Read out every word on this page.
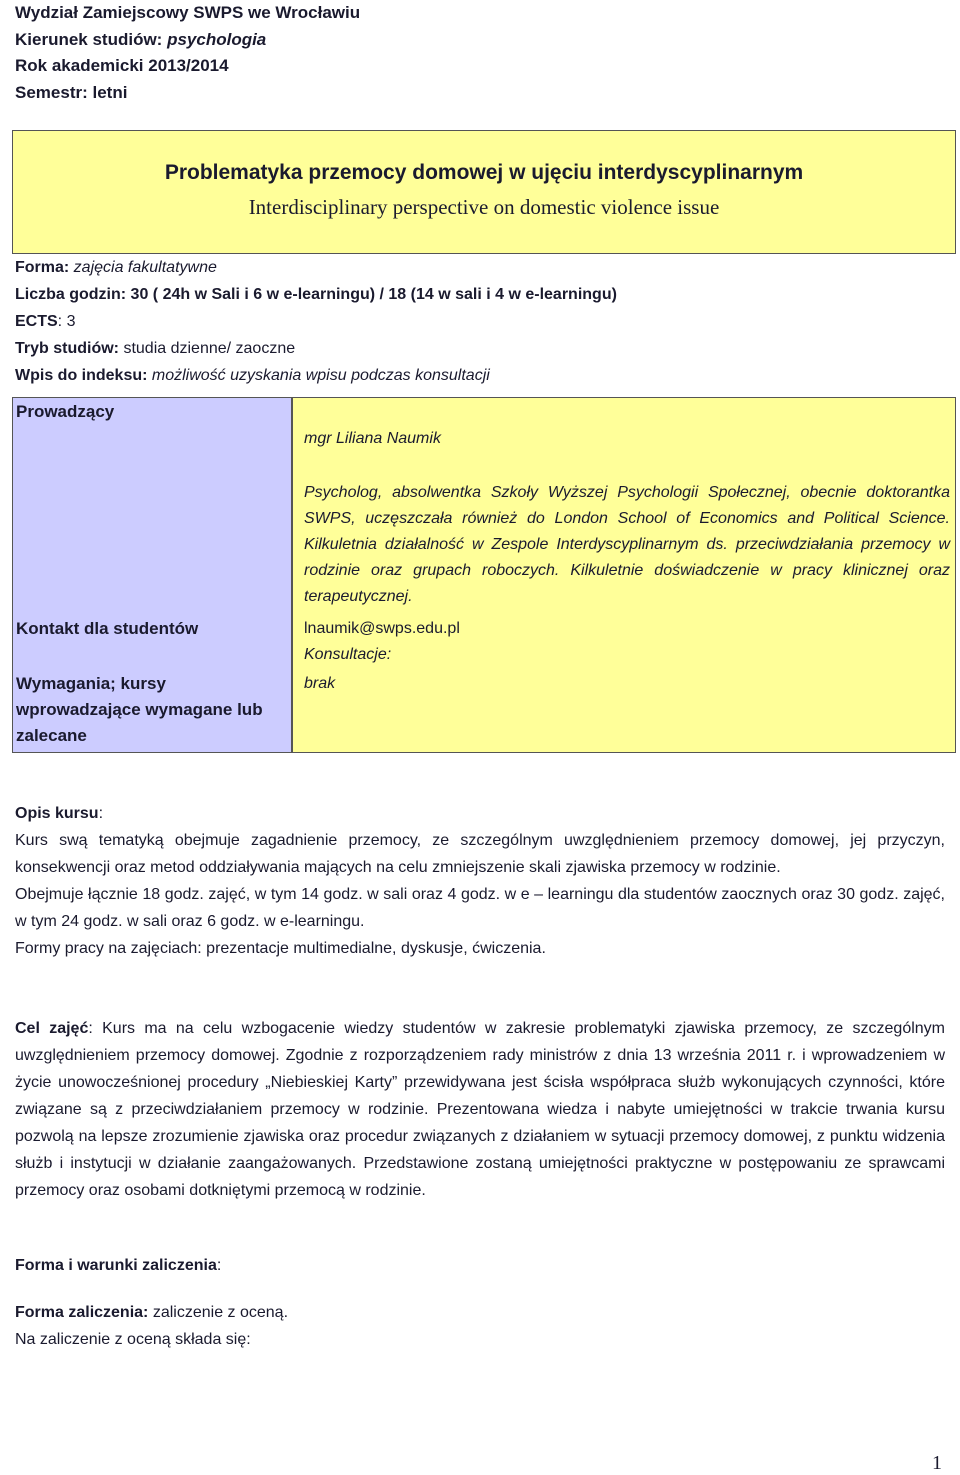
Wydział Zamiejscowy SWPS we Wrocławiu
Kierunek studiów: psychologia
Rok akademicki 2013/2014
Semestr: letni
Problematyka przemocy domowej w ujęciu interdyscyplinarnym
Interdisciplinary perspective on domestic violence issue
Forma: zajęcia fakultatywne
Liczba godzin: 30 ( 24h w Sali i 6 w e-learningu) / 18 (14 w sali i 4 w e-learningu)
ECTS: 3
Tryb studiów: studia dzienne/ zaoczne
Wpis do indeksu: możliwość uzyskania wpisu podczas konsultacji
Prowadzący
Kontakt dla studentów
Wymagania; kursy
wprowadzające wymagane lub
zalecane
mgr Liliana Naumik
Psycholog, absolwentka Szkoły Wyższej Psychologii Społecznej, obecnie doktorantka SWPS, uczęszczała również do London School of Economics and Political Science. Kilkuletnia działalność w Zespole Interdyscyplinarnym ds. przeciwdziałania przemocy w rodzinie oraz grupach roboczych. Kilkuletnie doświadczenie w pracy klinicznej oraz terapeutycznej.
lnaumik@swps.edu.pl
Konsultacje:
brak
Opis kursu:
Kurs swą tematyką obejmuje zagadnienie przemocy, ze szczególnym uwzględnieniem przemocy domowej, jej przyczyn, konsekwencji oraz metod oddziaływania mających na celu zmniejszenie skali zjawiska przemocy w rodzinie.
Obejmuje łącznie 18 godz. zajęć, w tym 14 godz. w sali oraz 4 godz. w e – learningu dla studentów zaocznych oraz 30 godz. zajęć, w tym 24 godz. w sali oraz 6 godz. w e-learningu.
Formy pracy na zajęciach: prezentacje multimedialne, dyskusje, ćwiczenia.
Cel zajęć: Kurs ma na celu wzbogacenie wiedzy studentów w zakresie problematyki zjawiska przemocy, ze szczególnym uwzględnieniem przemocy domowej. Zgodnie z rozporządzeniem rady ministrów z dnia 13 września 2011 r. i wprowadzeniem w życie unowocześnionej procedury „Niebieskiej Karty” przewidywana jest ścisła współpraca służb wykonujących czynności, które związane są z przeciwdziałaniem przemocy w rodzinie. Prezentowana wiedza i nabyte umiejętności w trakcie trwania kursu pozwolą na lepsze zrozumienie zjawiska oraz procedur związanych z działaniem w sytuacji przemocy domowej, z punktu widzenia służb i instytucji w działanie zaangażowanych. Przedstawione zostaną umiejętności praktyczne w postępowaniu ze sprawcami przemocy oraz osobami dotkniętymi przemocą w rodzinie.
Forma i warunki zaliczenia:
Forma zaliczenia: zaliczenie z oceną.
Na zaliczenie z oceną składa się:
1
